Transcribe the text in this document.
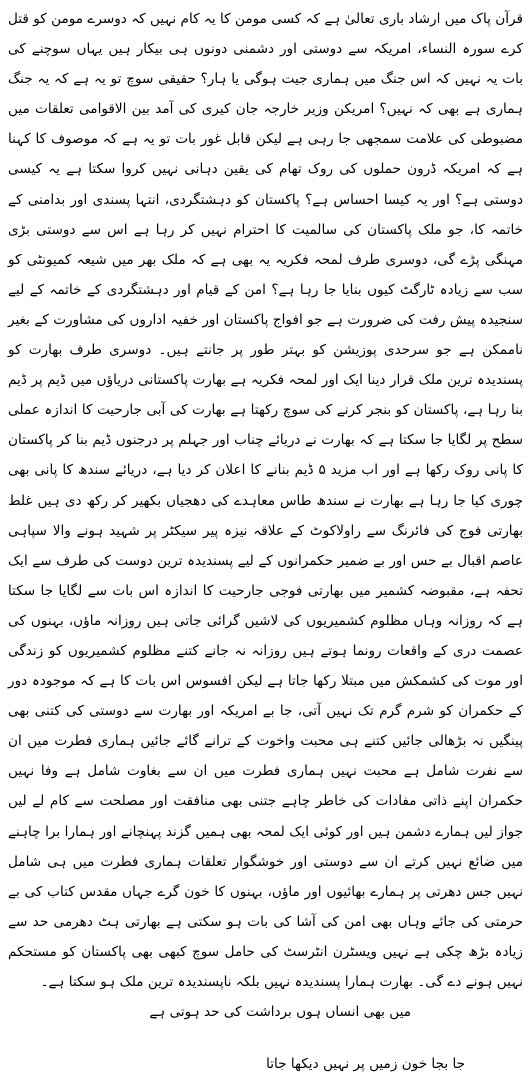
قرآن پاک میں ارشاد باری تعالیٰ ہے کہ کسی مومن کا یہ کام نہیں کہ دوسرے مومن کو قتل کرے سورہ النساء، امریکہ سے دوستی اور دشمنی دونوں ہی بیکار ہیں یہاں سوچنے کی بات یہ نہیں کہ اس جنگ میں ہماری جیت ہوگی یا ہار؟ حقیقی سوچ تو یہ ہے کہ یہ جنگ ہماری ہے بھی کہ نہیں؟ امریکن وزیر خارجہ جان کیری کی آمد بین الاقوامی تعلقات میں مضبوطی کی علامت سمجھی جا رہی ہے لیکن قابل غور بات تو یہ ہے کہ موصوف کا کہنا ہے کہ امریکہ ڈرون حملوں کی روک تھام کی یقین دہانی نہیں کروا سکتا ہے یہ کیسی دوستی ہے؟ اور یہ کیسا احساس ہے؟ پاکستان کو دہشتگردی، انتہا پسندی اور بدامنی کے خاتمہ کا، جو ملک پاکستان کی سالمیت کا احترام نہیں کر رہا ہے اس سے دوستی بڑی مہنگی پڑے گی، دوسری طرف لمحہ فکریہ یہ بھی ہے کہ ملک بھر میں شیعہ کمیونٹی کو سب سے زیادہ ٹارگٹ کیوں بنایا جا رہا ہے؟ امن کے قیام اور دہشتگردی کے خاتمہ کے لیے سنجیدہ پیش رفت کی ضرورت ہے جو افواج پاکستان اور خفیہ اداروں کی مشاورت کے بغیر ناممکن ہے جو سرحدی پوزیشن کو بہتر طور پر جانتے ہیں۔ دوسری طرف بھارت کو پسندیدہ ترین ملک قرار دینا ایک اور لمحہ فکریہ ہے بھارت پاکستانی دریاؤں میں ڈیم پر ڈیم بنا رہا ہے، پاکستان کو بنجر کرنے کی سوچ رکھتا ہے بھارت کی آبی جارحیت کا اندازہ عملی سطح پر لگایا جا سکتا ہے کہ بھارت نے دریائے چناب اور جہلم پر درجنوں ڈیم بنا کر پاکستان کا پانی روک رکھا ہے اور اب مزید ۵ ڈیم بنانے کا اعلان کر دیا ہے، دریائے سندھ کا پانی بھی چوری کیا جا رہا ہے بھارت نے سندھ طاس معاہدے کی دھجیاں بکھیر کر رکھ دی ہیں غلط بھارتی فوج کی فائرنگ سے راولاکوٹ کے علاقہ نیزہ پیر سیکٹر پر شہید ہونے والا سپاہی عاصم اقبال بے حس اور بے ضمیر حکمرانوں کے لیے پسندیدہ ترین دوست کی طرف سے ایک تحفہ ہے، مقبوضہ کشمیر میں بھارتی فوجی جارحیت کا اندازہ اس بات سے لگایا جا سکتا ہے کہ روزانہ وہاں مظلوم کشمیریوں کی لاشیں گرائی جاتی ہیں روزانہ ماؤں، بہنوں کی عصمت دری کے واقعات رونما ہوتے ہیں روزانہ نہ جانے کتنے مظلوم کشمیریوں کو زندگی اور موت کی کشمکش میں مبتلا رکھا جاتا ہے لیکن افسوس اس بات کا ہے کہ موجودہ دور کے حکمران کو شرم گرم تک نہیں آتی، جا بے امریکہ اور بھارت سے دوستی کی کتنی بھی پینگیں نہ بڑھالی جائیں کتنے ہی محبت واخوت کے ترانے گائے جائیں ہماری فطرت میں ان سے نفرت شامل ہے محبت نہیں ہماری فطرت میں ان سے بغاوت شامل ہے وفا نہیں حکمران اپنے ذاتی مفادات کی خاطر چاہے جتنی بھی منافقت اور مصلحت سے کام لے لیں جواز لیں ہمارے دشمن ہیں اور کوئی ایک لمحہ بھی ہمیں گزند پہنچانے اور ہمارا برا چاہنے میں ضائع نہیں کرتے ان سے دوستی اور خوشگوار تعلقات ہماری فطرت میں ہی شامل نہیں جس دھرتی پر ہمارے بھائیوں اور ماؤں، بہنوں کا خون گرے جہاں مقدس کتاب کی بے حرمتی کی جائے وہاں بھی امن کی آشا کی بات ہو سکتی ہے بھارتی ہٹ دھرمی حد سے زیادہ بڑھ چکی ہے نہیں ویسٹرن انٹرسٹ کی حامل سوچ کبھی بھی پاکستان کو مستحکم نہیں ہونے دے گی۔ بھارت ہمارا پسندیدہ نہیں بلکہ ناپسندیدہ ترین ملک ہو سکتا ہے۔

میں بھی انساں ہوں برداشت کی حد ہوتی ہے

جا بجا خون زمیں پر نہیں دیکھا جاتا
